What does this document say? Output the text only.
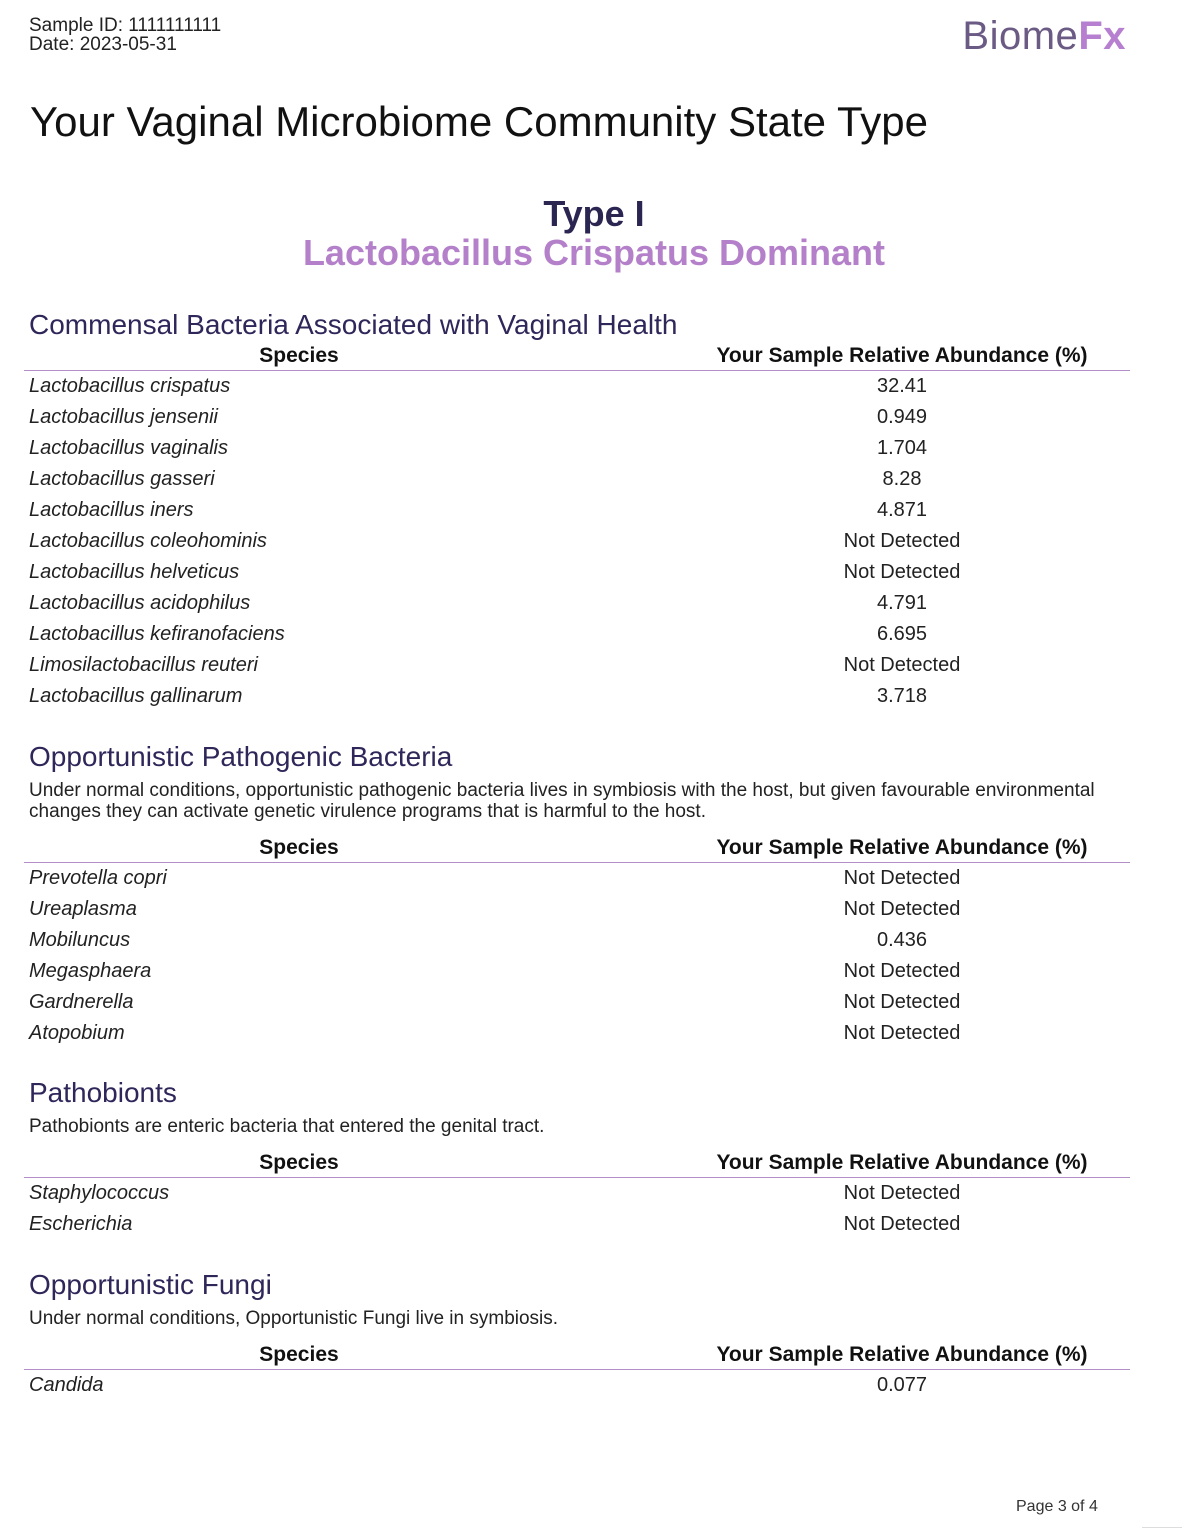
Sample ID: 1111111111
Date: 2023-05-31	BiomeFx
Your Vaginal Microbiome Community State Type
Type I
Lactobacillus Crispatus Dominant
Commensal Bacteria Associated with Vaginal Health
Species	Your Sample Relative Abundance (%)
Lactobacillus crispatus	32.41
Lactobacillus jensenii	0.949
Lactobacillus vaginalis	1.704
Lactobacillus gasseri	8.28
Lactobacillus iners	4.871
Lactobacillus coleohominis	Not Detected
Lactobacillus helveticus	Not Detected
Lactobacillus acidophilus	4.791
Lactobacillus kefiranofaciens	6.695
Limosilactobacillus reuteri	Not Detected
Lactobacillus gallinarum	3.718
Opportunistic Pathogenic Bacteria
Under normal conditions, opportunistic pathogenic bacteria lives in symbiosis with the host, but given favourable environmental changes they can activate genetic virulence programs that is harmful to the host.
Species	Your Sample Relative Abundance (%)
Prevotella copri	Not Detected
Ureaplasma	Not Detected
Mobiluncus	0.436
Megasphaera	Not Detected
Gardnerella	Not Detected
Atopobium	Not Detected
Pathobionts
Pathobionts are enteric bacteria that entered the genital tract.
Species	Your Sample Relative Abundance (%)
Staphylococcus	Not Detected
Escherichia	Not Detected
Opportunistic Fungi
Under normal conditions, Opportunistic Fungi live in symbiosis.
Species	Your Sample Relative Abundance (%)
Candida	0.077
Page 3 of 4
